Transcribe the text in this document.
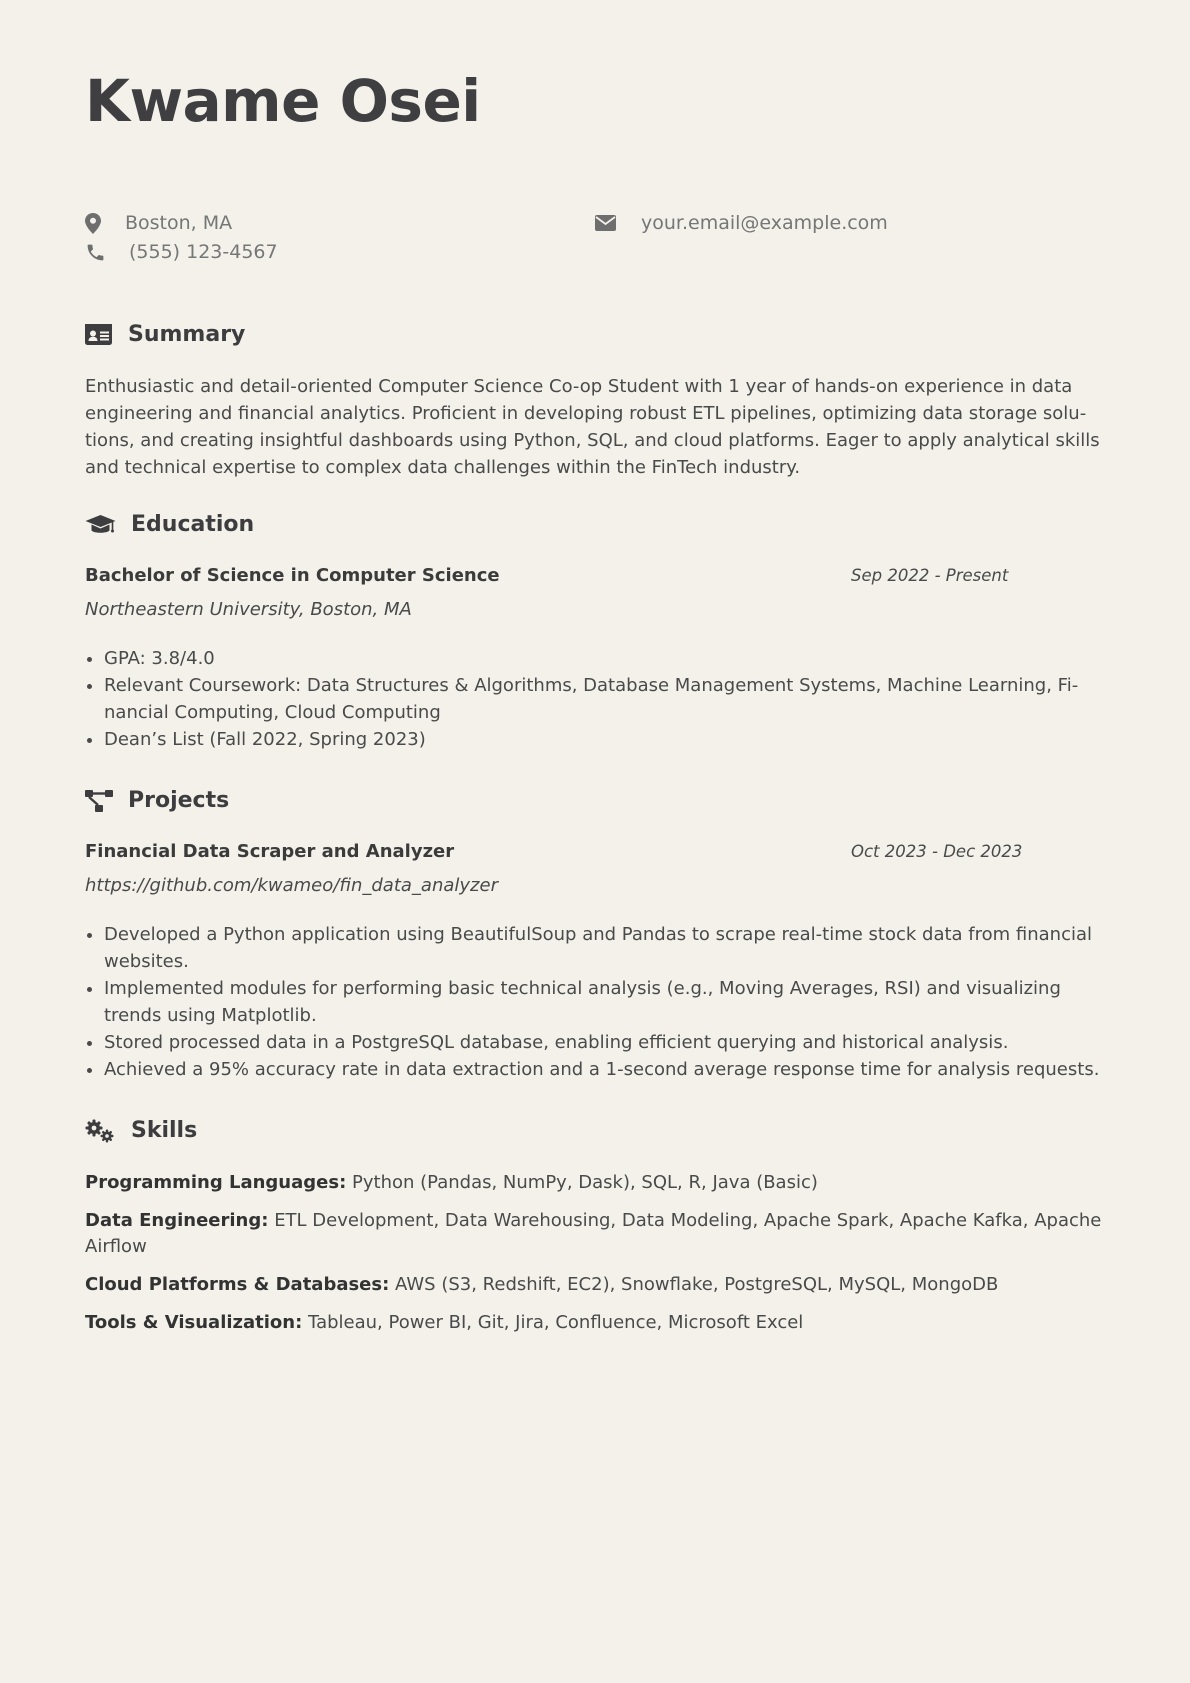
Kwame Osei
Boston, MA
(555) 123-4567
your.email@example.com
Summary
Enthusiastic and detail-oriented Computer Science Co-op Student with 1 year of hands-on experience in data engineering and financial analytics. Proficient in developing robust ETL pipelines, optimizing data storage solu- tions, and creating insightful dashboards using Python, SQL, and cloud platforms. Eager to apply analytical skills and technical expertise to complex data challenges within the FinTech industry.
Education
Bachelor of Science in Computer Science	Sep 2022 - Present
Northeastern University, Boston, MA
GPA: 3.8/4.0
Relevant Coursework: Data Structures & Algorithms, Database Management Systems, Machine Learning, Fi- nancial Computing, Cloud Computing
Dean’s List (Fall 2022, Spring 2023)
Projects
Financial Data Scraper and Analyzer	Oct 2023 - Dec 2023
https://github.com/kwameo/fin_data_analyzer
Developed a Python application using BeautifulSoup and Pandas to scrape real-time stock data from financial websites.
Implemented modules for performing basic technical analysis (e.g., Moving Averages, RSI) and visualizing trends using Matplotlib.
Stored processed data in a PostgreSQL database, enabling efficient querying and historical analysis.
Achieved a 95% accuracy rate in data extraction and a 1-second average response time for analysis requests.
Skills
Programming Languages: Python (Pandas, NumPy, Dask), SQL, R, Java (Basic)
Data Engineering: ETL Development, Data Warehousing, Data Modeling, Apache Spark, Apache Kafka, Apache Airflow
Cloud Platforms & Databases: AWS (S3, Redshift, EC2), Snowflake, PostgreSQL, MySQL, MongoDB
Tools & Visualization: Tableau, Power BI, Git, Jira, Confluence, Microsoft Excel
